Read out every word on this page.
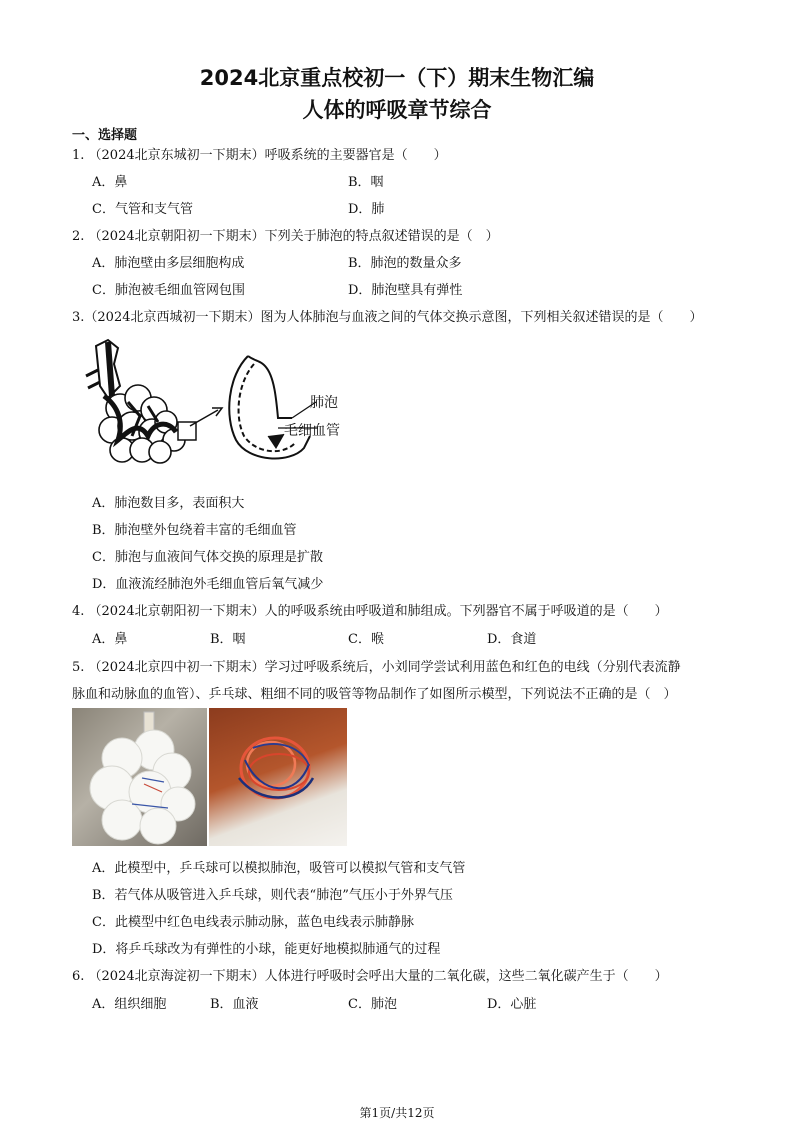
2024北京重点校初一（下）期末生物汇编
人体的呼吸章节综合
一、选择题
1. （2024北京东城初一下期末）呼吸系统的主要器官是（　　）
A．鼻	B．咽
C．气管和支气管	D．肺
2. （2024北京朝阳初一下期末）下列关于肺泡的特点叙述错误的是（　）
A．肺泡壁由多层细胞构成	B．肺泡的数量众多
C．肺泡被毛细血管网包围	D．肺泡壁具有弹性
3.（2024北京西城初一下期末）图为人体肺泡与血液之间的气体交换示意图，下列相关叙述错误的是（　　）
肺泡
毛细血管
A．肺泡数目多，表面积大
B．肺泡壁外包绕着丰富的毛细血管
C．肺泡与血液间气体交换的原理是扩散
D．血液流经肺泡外毛细血管后氧气减少
4. （2024北京朝阳初一下期末）人的呼吸系统由呼吸道和肺组成。下列器官不属于呼吸道的是（　　）
A．鼻	B．咽	C．喉	D．食道
5. （2024北京四中初一下期末）学习过呼吸系统后，小刘同学尝试利用蓝色和红色的电线（分别代表流静
脉血和动脉血的血管）、乒乓球、粗细不同的吸管等物品制作了如图所示模型，下列说法不正确的是（　）
A．此模型中，乒乓球可以模拟肺泡，吸管可以模拟气管和支气管
B．若气体从吸管进入乒乓球，则代表“肺泡”气压小于外界气压
C．此模型中红色电线表示肺动脉，蓝色电线表示肺静脉
D．将乒乓球改为有弹性的小球，能更好地模拟肺通气的过程
6. （2024北京海淀初一下期末）人体进行呼吸时会呼出大量的二氧化碳，这些二氧化碳产生于（　　）
A．组织细胞	B．血液	C．肺泡	D．心脏
第1页/共12页
